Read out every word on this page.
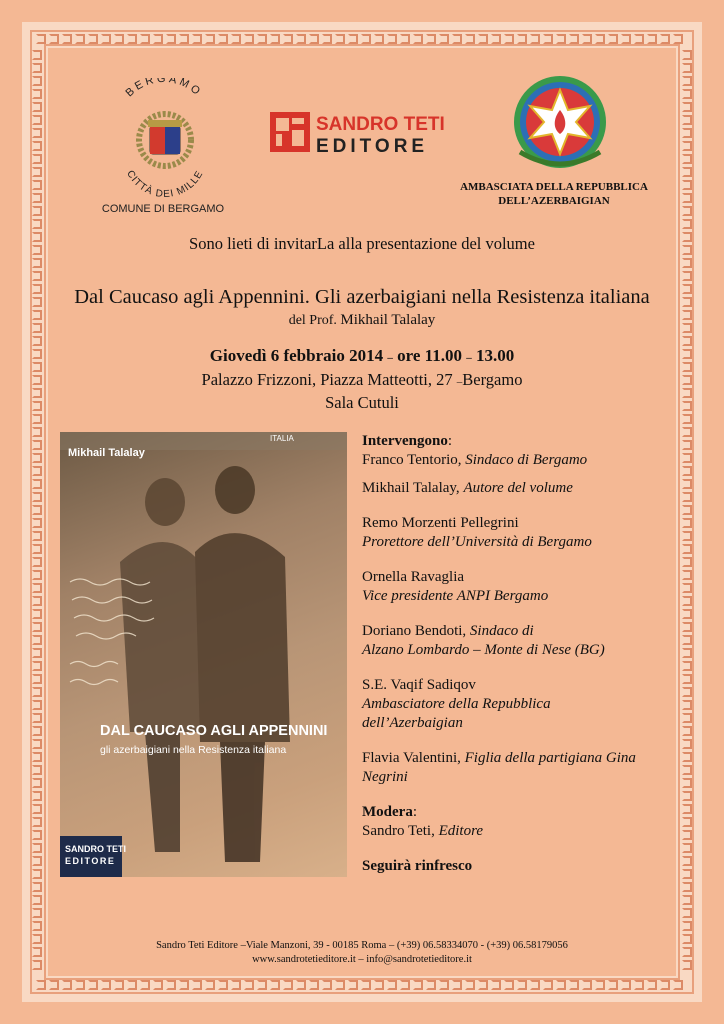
BERGAMO
CITTÀ DEI MILLE
COMUNE DI BERGAMO
SANDRO TETI
EDITORE
AMBASCIATA DELLA REPUBBLICA
DELL’AZERBAIGIAN
Sono lieti di invitarLa alla presentazione del volume
Dal Caucaso agli Appennini. Gli azerbaigiani nella Resistenza italiana
del Prof. Mikhail Talalay
Giovedì 6 febbraio 2014 – ore 11.00 – 13.00
Palazzo Frizzoni, Piazza Matteotti, 27 –Bergamo
Sala Cutuli
Mikhail Talalay
ITALIA
DAL CAUCASO AGLI APPENNINI
gli azerbaigiani nella Resistenza italiana
SANDRO TETI
EDITORE
Intervengono:
Franco Tentorio, Sindaco di Bergamo
Mikhail Talalay, Autore del volume
Remo Morzenti Pellegrini
Prorettore dell’Università di Bergamo
Ornella Ravaglia
Vice presidente ANPI Bergamo
Doriano Bendoti, Sindaco di
Alzano Lombardo – Monte di Nese (BG)
S.E. Vaqif Sadiqov
Ambasciatore della Repubblica
dell’Azerbaigian
Flavia Valentini, Figlia della partigiana Gina
Negrini
Modera:
Sandro Teti, Editore
Seguirà rinfresco
Sandro Teti Editore –Viale Manzoni, 39 - 00185 Roma – (+39) 06.58334070 - (+39) 06.58179056
www.sandrotetieditore.it – info@sandrotetieditore.it
